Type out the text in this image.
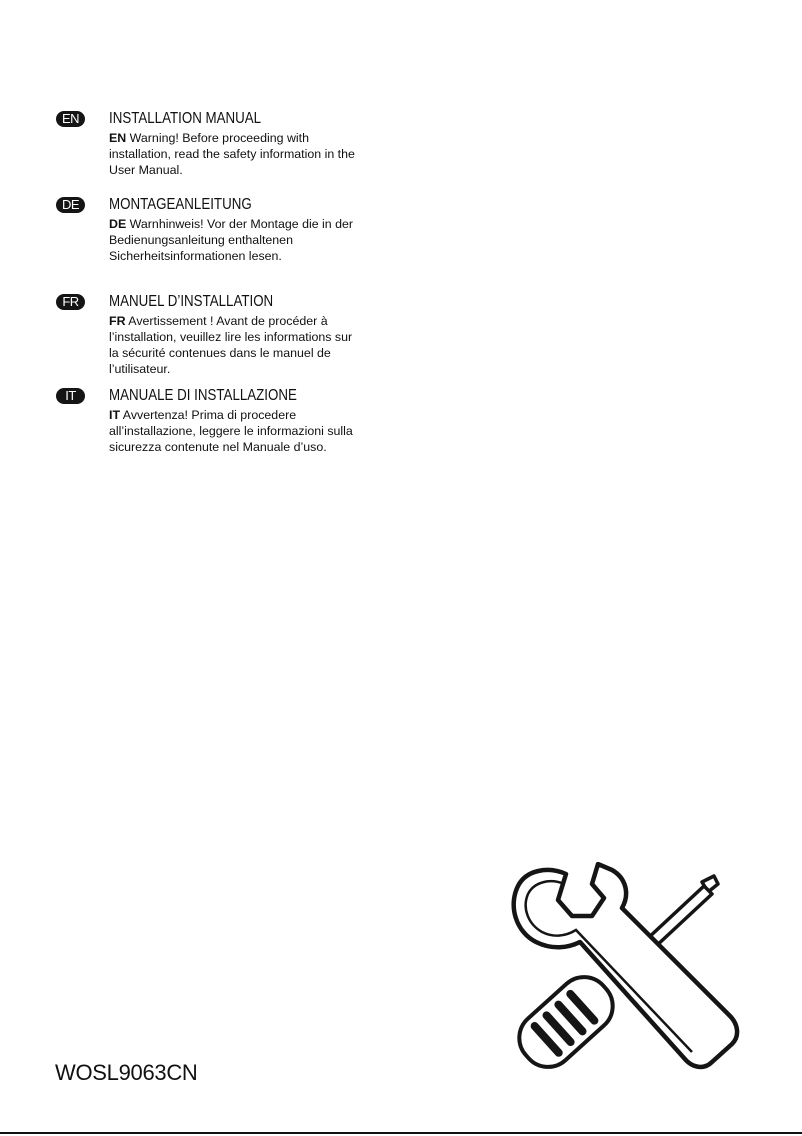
EN	INSTALLATION MANUAL
EN Warning! Before proceeding with installation, read the safety information in the User Manual.
DE	MONTAGEANLEITUNG
DE Warnhinweis! Vor der Montage die in der Bedienungsanleitung enthaltenen Sicherheitsinformationen lesen.
FR	MANUEL D’INSTALLATION
FR Avertissement ! Avant de procéder à l’installation, veuillez lire les informations sur la sécurité contenues dans le manuel de l’utilisateur.
IT	MANUALE DI INSTALLAZIONE
IT Avvertenza! Prima di procedere all’installazione, leggere le informazioni sulla sicurezza contenute nel Manuale d’uso.
WOSL9063CN
